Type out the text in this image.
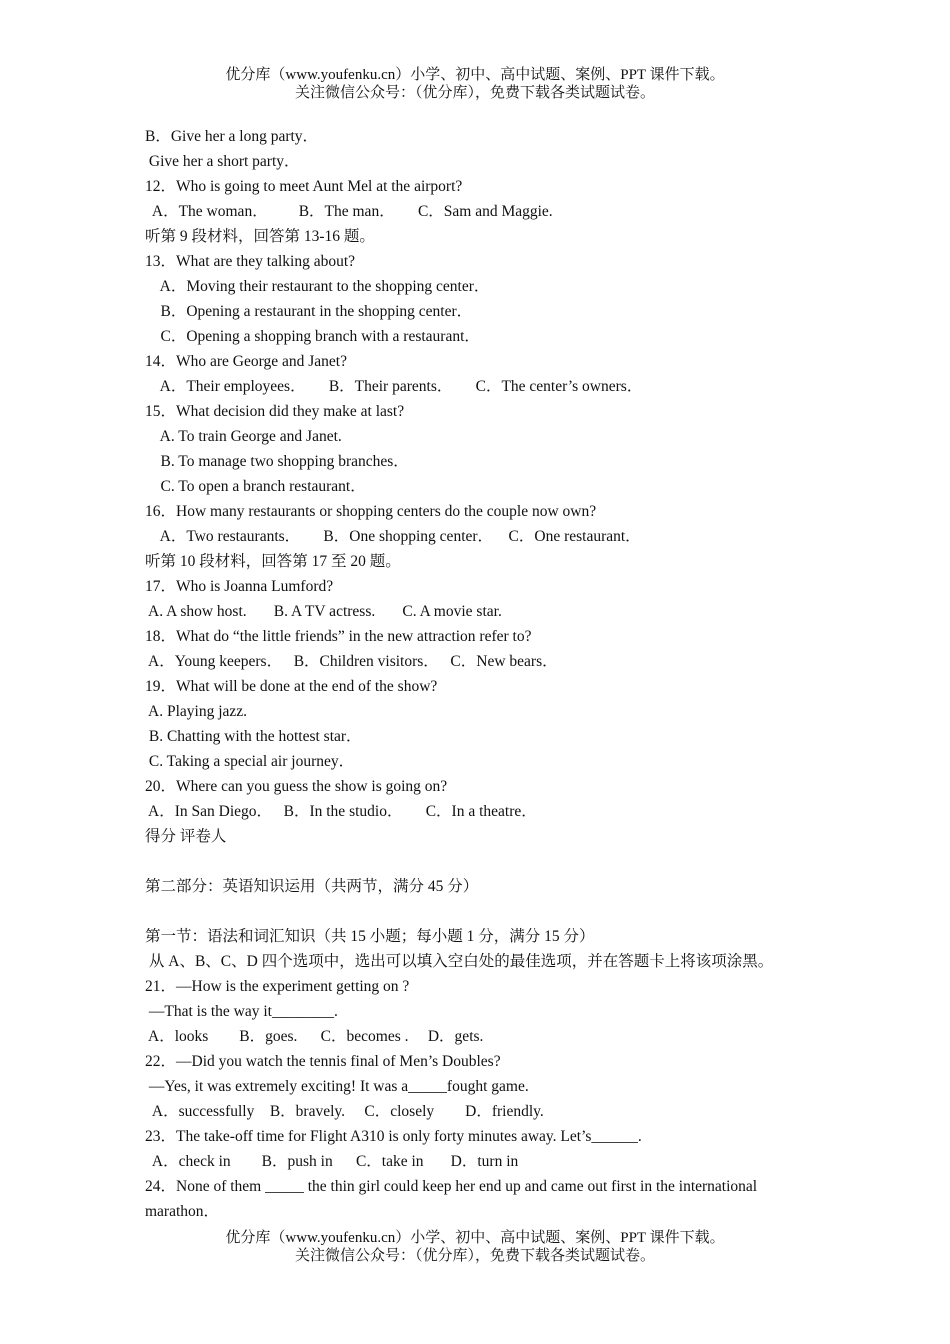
优分库（www.youfenku.cn）小学、初中、高中试题、案例、PPT 课件下载。
关注微信公众号：（优分库），免费下载各类试题试卷。
B．Give her a long party．
Give her a short party．
12．Who is going to meet Aunt Mel at the airport?
A．The woman．        B．The man．      C．Sam and Maggie.
听第 9 段材料，回答第 13-16 题。
13．What are they talking about?
A．Moving their restaurant to the shopping center．
B．Opening a restaurant in the shopping center．
C．Opening a shopping branch with a restaurant．
14．Who are George and Janet?
A．Their employees．      B．Their parents．      C．The center’s owners．
15．What decision did they make at last?
A. To train George and Janet.
B. To manage two shopping branches．
C. To open a branch restaurant．
16．How many restaurants or shopping centers do the couple now own?
A．Two restaurants．      B．One shopping center．    C．One restaurant．
听第 10 段材料，回答第 17 至 20 题。
17．Who is Joanna Lumford?
A. A show host.       B. A TV actress.       C. A movie star.
18．What do “the little friends” in the new attraction refer to?
A．Young keepers．   B．Children visitors．   C．New bears．
19．What will be done at the end of the show?
A. Playing jazz.
B. Chatting with the hottest star．
C. Taking a special air journey．
20．Where can you guess the show is going on?
A．In San Diego．   B．In the studio．      C．In a theatre．
得分 评卷人
第二部分：英语知识运用（共两节，满分 45 分）
第一节：语法和词汇知识（共 15 小题；每小题 1 分，满分 15 分）
从 A、B、C、D 四个选项中，选出可以填入空白处的最佳选项，并在答题卡上将该项涂黑。
21．—How is the experiment getting on ?
—That is the way it________.
A．looks        B．goes.      C．becomes .     D．gets.
22．—Did you watch the tennis final of Men’s Doubles?
—Yes, it was extremely exciting! It was a_____fought game.
A．successfully    B．bravely.     C．closely        D．friendly.
23．The take-off time for Flight A310 is only forty minutes away. Let’s______.
A．check in        B．push in      C．take in       D．turn in
24．None of them _____ the thin girl could keep her end up and came out first in the international marathon．
优分库（www.youfenku.cn）小学、初中、高中试题、案例、PPT 课件下载。
关注微信公众号：（优分库），免费下载各类试题试卷。
